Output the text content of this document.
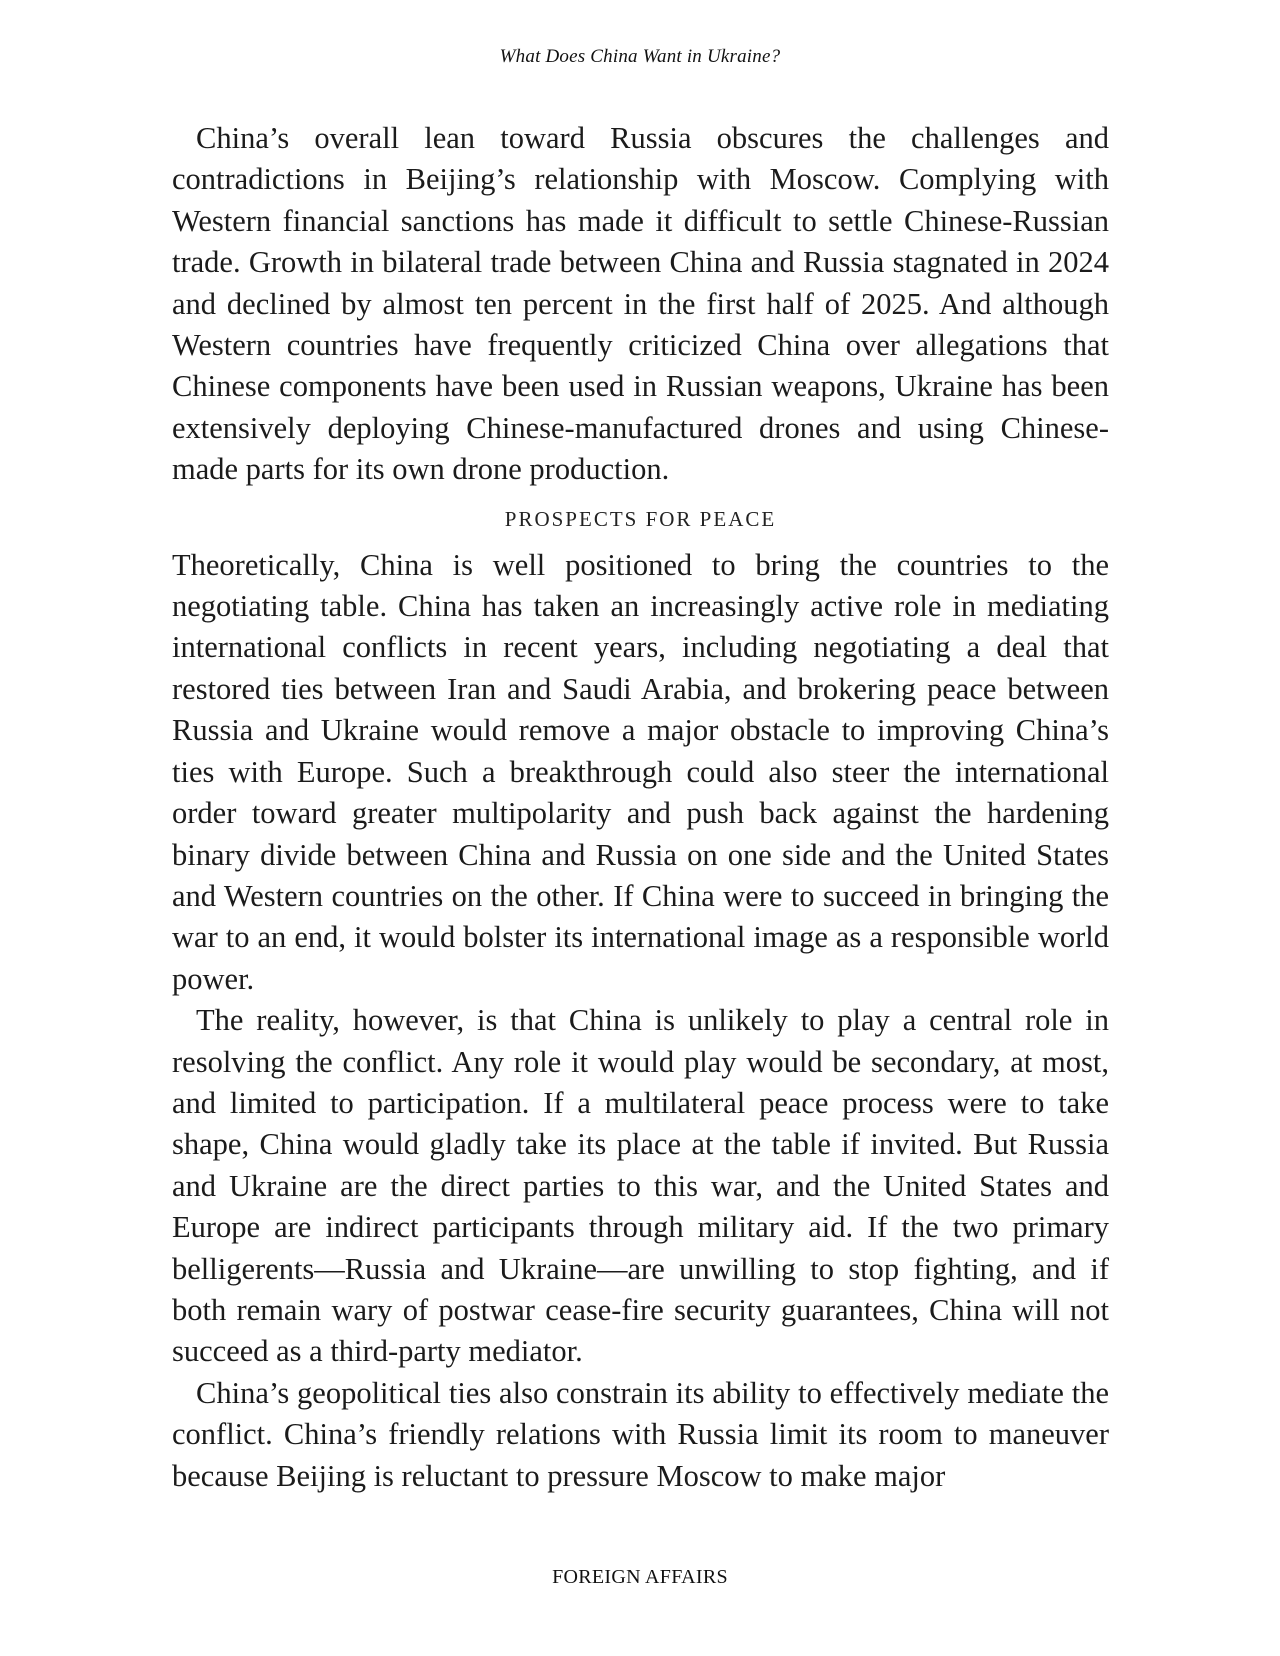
What Does China Want in Ukraine?

China’s overall lean toward Russia obscures the challenges and contradictions in Beijing’s relationship with Moscow. Complying with Western financial sanctions has made it difficult to settle Chinese-Russian trade. Growth in bilateral trade between China and Russia stagnated in 2024 and declined by almost ten percent in the first half of 2025. And although Western countries have frequently criticized China over allegations that Chinese components have been used in Russian weapons, Ukraine has been extensively deploying Chinese-manufactured drones and using Chinese-made parts for its own drone production.

PROSPECTS FOR PEACE

Theoretically, China is well positioned to bring the countries to the negotiating table. China has taken an increasingly active role in mediating international conflicts in recent years, including negotiating a deal that restored ties between Iran and Saudi Arabia, and brokering peace between Russia and Ukraine would remove a major obstacle to improving China’s ties with Europe. Such a breakthrough could also steer the international order toward greater multipolarity and push back against the hardening binary divide between China and Russia on one side and the United States and Western countries on the other. If China were to succeed in bringing the war to an end, it would bolster its international image as a responsible world power.

The reality, however, is that China is unlikely to play a central role in resolving the conflict. Any role it would play would be secondary, at most, and limited to participation. If a multilateral peace process were to take shape, China would gladly take its place at the table if invited. But Russia and Ukraine are the direct parties to this war, and the United States and Europe are indirect participants through military aid. If the two primary belligerents—Russia and Ukraine—are unwilling to stop fighting, and if both remain wary of postwar cease-fire security guarantees, China will not succeed as a third-party mediator.

China’s geopolitical ties also constrain its ability to effectively mediate the conflict. China’s friendly relations with Russia limit its room to maneuver because Beijing is reluctant to pressure Moscow to make major

FOREIGN AFFAIRS
